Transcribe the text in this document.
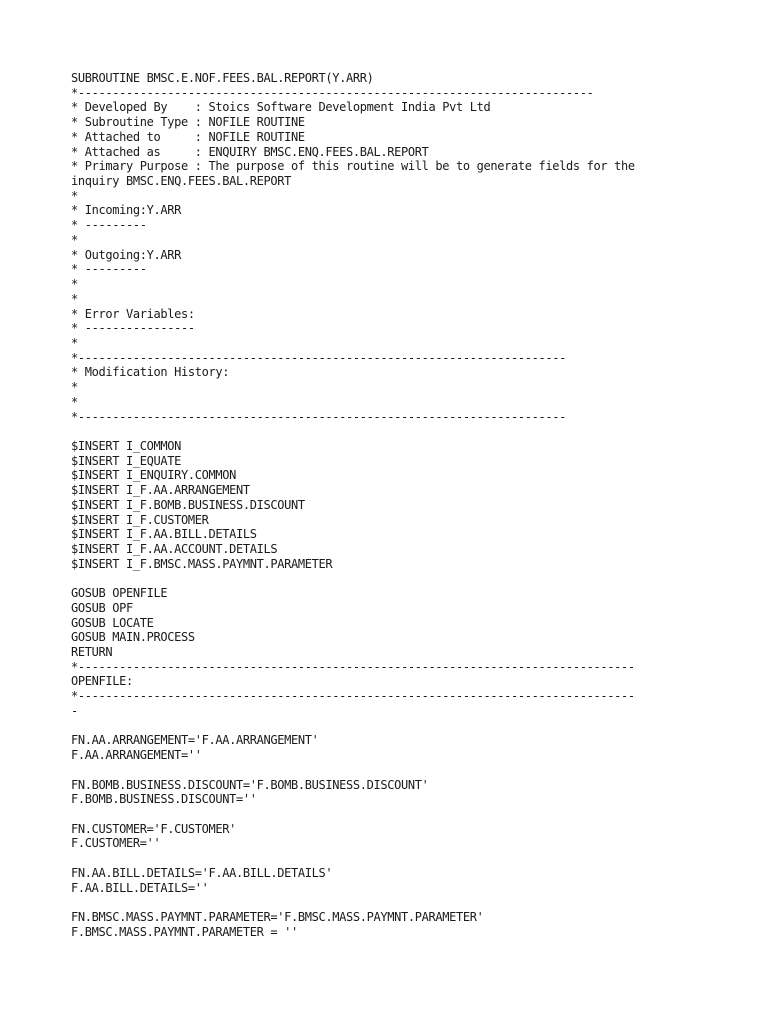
SUBROUTINE BMSC.E.NOF.FEES.BAL.REPORT(Y.ARR)
*---------------------------------------------------------------------------
* Developed By    : Stoics Software Development India Pvt Ltd
* Subroutine Type : NOFILE ROUTINE
* Attached to     : NOFILE ROUTINE
* Attached as     : ENQUIRY BMSC.ENQ.FEES.BAL.REPORT
* Primary Purpose : The purpose of this routine will be to generate fields for the
inquiry BMSC.ENQ.FEES.BAL.REPORT
*
* Incoming:Y.ARR
* ---------
*
* Outgoing:Y.ARR
* ---------
*
*
* Error Variables:
* ----------------
*
*-----------------------------------------------------------------------
* Modification History:
*
*
*-----------------------------------------------------------------------
$INSERT I_COMMON
$INSERT I_EQUATE
$INSERT I_ENQUIRY.COMMON
$INSERT I_F.AA.ARRANGEMENT
$INSERT I_F.BOMB.BUSINESS.DISCOUNT
$INSERT I_F.CUSTOMER
$INSERT I_F.AA.BILL.DETAILS
$INSERT I_F.AA.ACCOUNT.DETAILS
$INSERT I_F.BMSC.MASS.PAYMNT.PARAMETER
GOSUB OPENFILE
GOSUB OPF
GOSUB LOCATE
GOSUB MAIN.PROCESS
RETURN
*---------------------------------------------------------------------------------
OPENFILE:
*---------------------------------------------------------------------------------
-
FN.AA.ARRANGEMENT='F.AA.ARRANGEMENT'
F.AA.ARRANGEMENT=''
FN.BOMB.BUSINESS.DISCOUNT='F.BOMB.BUSINESS.DISCOUNT'
F.BOMB.BUSINESS.DISCOUNT=''
FN.CUSTOMER='F.CUSTOMER'
F.CUSTOMER=''
FN.AA.BILL.DETAILS='F.AA.BILL.DETAILS'
F.AA.BILL.DETAILS=''
FN.BMSC.MASS.PAYMNT.PARAMETER='F.BMSC.MASS.PAYMNT.PARAMETER'
F.BMSC.MASS.PAYMNT.PARAMETER = ''
